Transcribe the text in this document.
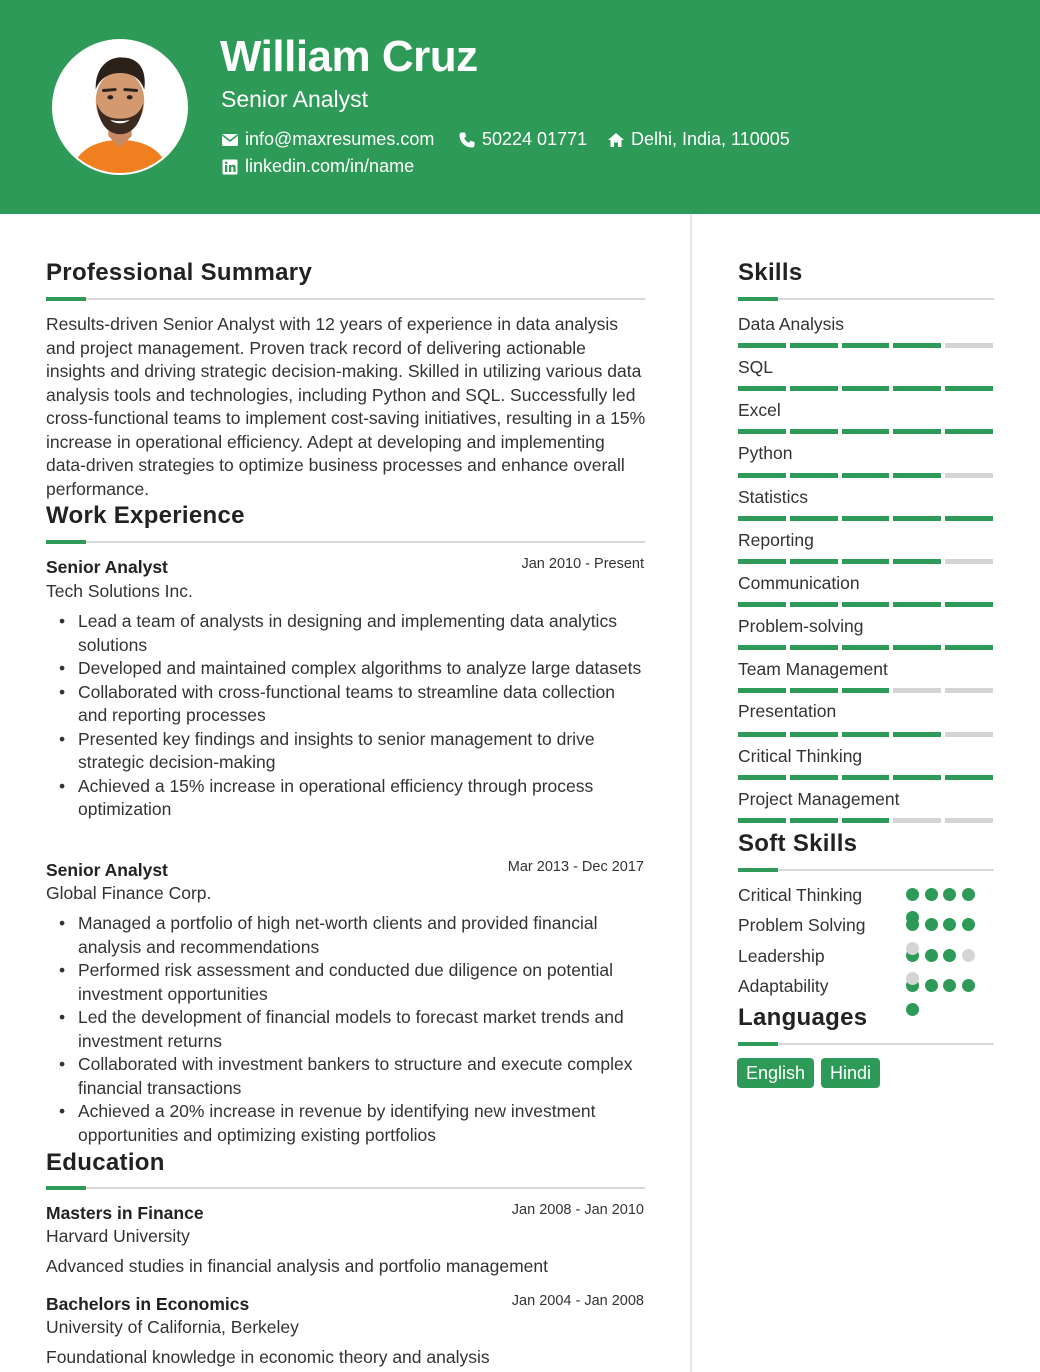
William Cruz
Senior Analyst
info@maxresumes.com	50224 01771 Delhi, India, 110005
linkedin.com/in/name
Professional Summary
Results-driven Senior Analyst with 12 years of experience in data analysis and project management. Proven track record of delivering actionable insights and driving strategic decision-making. Skilled in utilizing various data analysis tools and technologies, including Python and SQL. Successfully led cross-functional teams to implement cost-saving initiatives, resulting in a 15% increase in operational efficiency. Adept at developing and implementing data-driven strategies to optimize business processes and enhance overall performance.
Work Experience
Senior Analyst	Jan 2010 - Present
Tech Solutions Inc.
• Lead a team of analysts in designing and implementing data analytics solutions
• Developed and maintained complex algorithms to analyze large datasets
• Collaborated with cross-functional teams to streamline data collection and reporting processes
• Presented key findings and insights to senior management to drive strategic decision-making
• Achieved a 15% increase in operational efficiency through process optimization
Senior Analyst	Mar 2013 - Dec 2017
Global Finance Corp.
• Managed a portfolio of high net-worth clients and provided financial analysis and recommendations
• Performed risk assessment and conducted due diligence on potential investment opportunities
• Led the development of financial models to forecast market trends and investment returns
• Collaborated with investment bankers to structure and execute complex financial transactions
• Achieved a 20% increase in revenue by identifying new investment opportunities and optimizing existing portfolios
Education
Masters in Finance	Jan 2008 - Jan 2010
Harvard University
Advanced studies in financial analysis and portfolio management
Bachelors in Economics	Jan 2004 - Jan 2008
University of California, Berkeley
Foundational knowledge in economic theory and analysis
Skills
Data Analysis
SQL
Excel
Python
Statistics
Reporting
Communication
Problem-solving
Team Management
Presentation
Critical Thinking
Project Management
Soft Skills
Critical Thinking
Problem Solving
Leadership
Adaptability
Languages
English	Hindi
